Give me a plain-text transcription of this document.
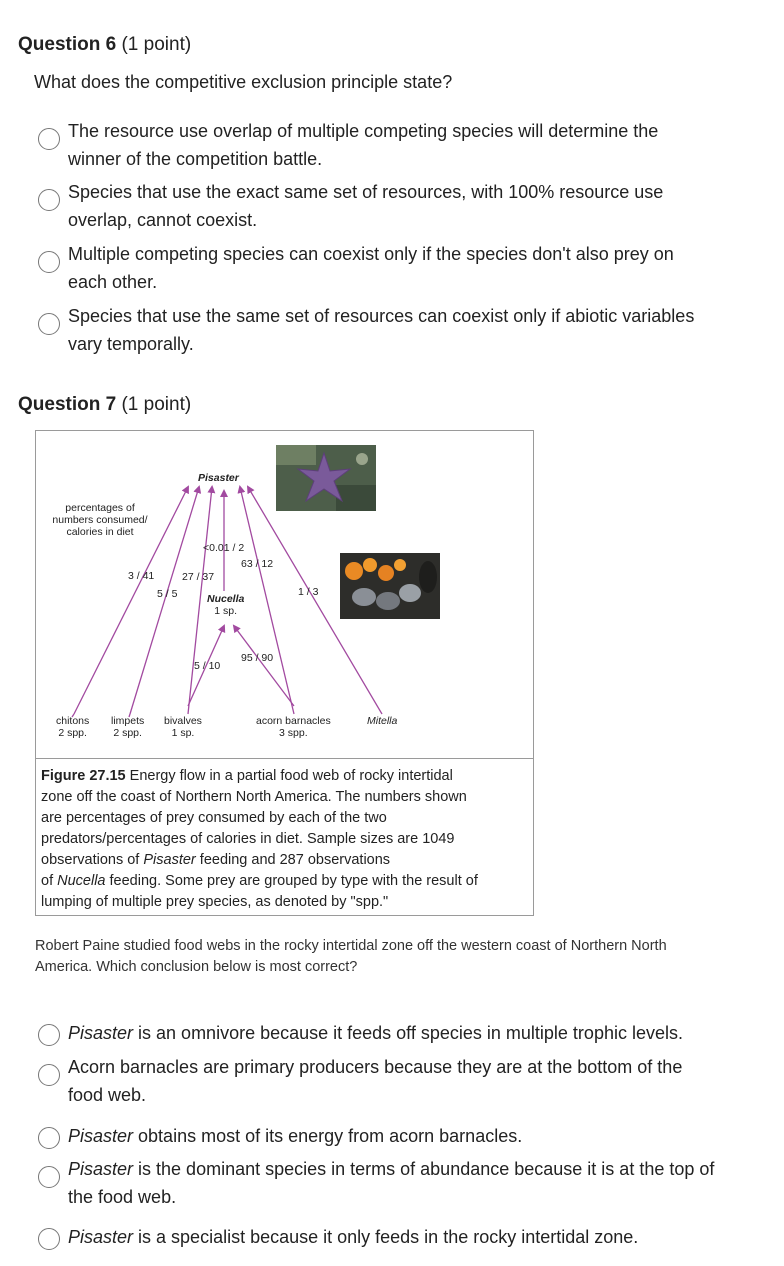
Question 6 (1 point)
What does the competitive exclusion principle state?
The resource use overlap of multiple competing species will determine the
winner of the competition battle.
Species that use the exact same set of resources, with 100% resource use
overlap, cannot coexist.
Multiple competing species can coexist only if the species don't also prey on
each other.
Species that use the same set of resources can coexist only if abiotic variables
vary temporally.
Question 7 (1 point)
percentages of
numbers consumed/
calories in diet
Pisaster
<0.01 / 2
63 / 12
3 / 41	27 / 37
5 / 5	1 / 3
Nucella
1 sp.
5 / 10
95 / 90
chitons
2 spp.
limpets
2 spp.
bivalves
1 sp.
acorn barnacles
3 spp.
Mitella
Figure 27.15 Energy flow in a partial food web of rocky intertidal
zone off the coast of Northern North America. The numbers shown
are percentages of prey consumed by each of the two
predators/percentages of calories in diet. Sample sizes are 1049
observations of Pisaster feeding and 287 observations
of Nucella feeding. Some prey are grouped by type with the result of
lumping of multiple prey species, as denoted by "spp."
Robert Paine studied food webs in the rocky intertidal zone off the western coast of Northern North
America. Which conclusion below is most correct?
Pisaster is an omnivore because it feeds off species in multiple trophic levels.
Acorn barnacles are primary producers because they are at the bottom of the
food web.
Pisaster obtains most of its energy from acorn barnacles.
Pisaster is the dominant species in terms of abundance because it is at the top of
the food web.
Pisaster is a specialist because it only feeds in the rocky intertidal zone.
